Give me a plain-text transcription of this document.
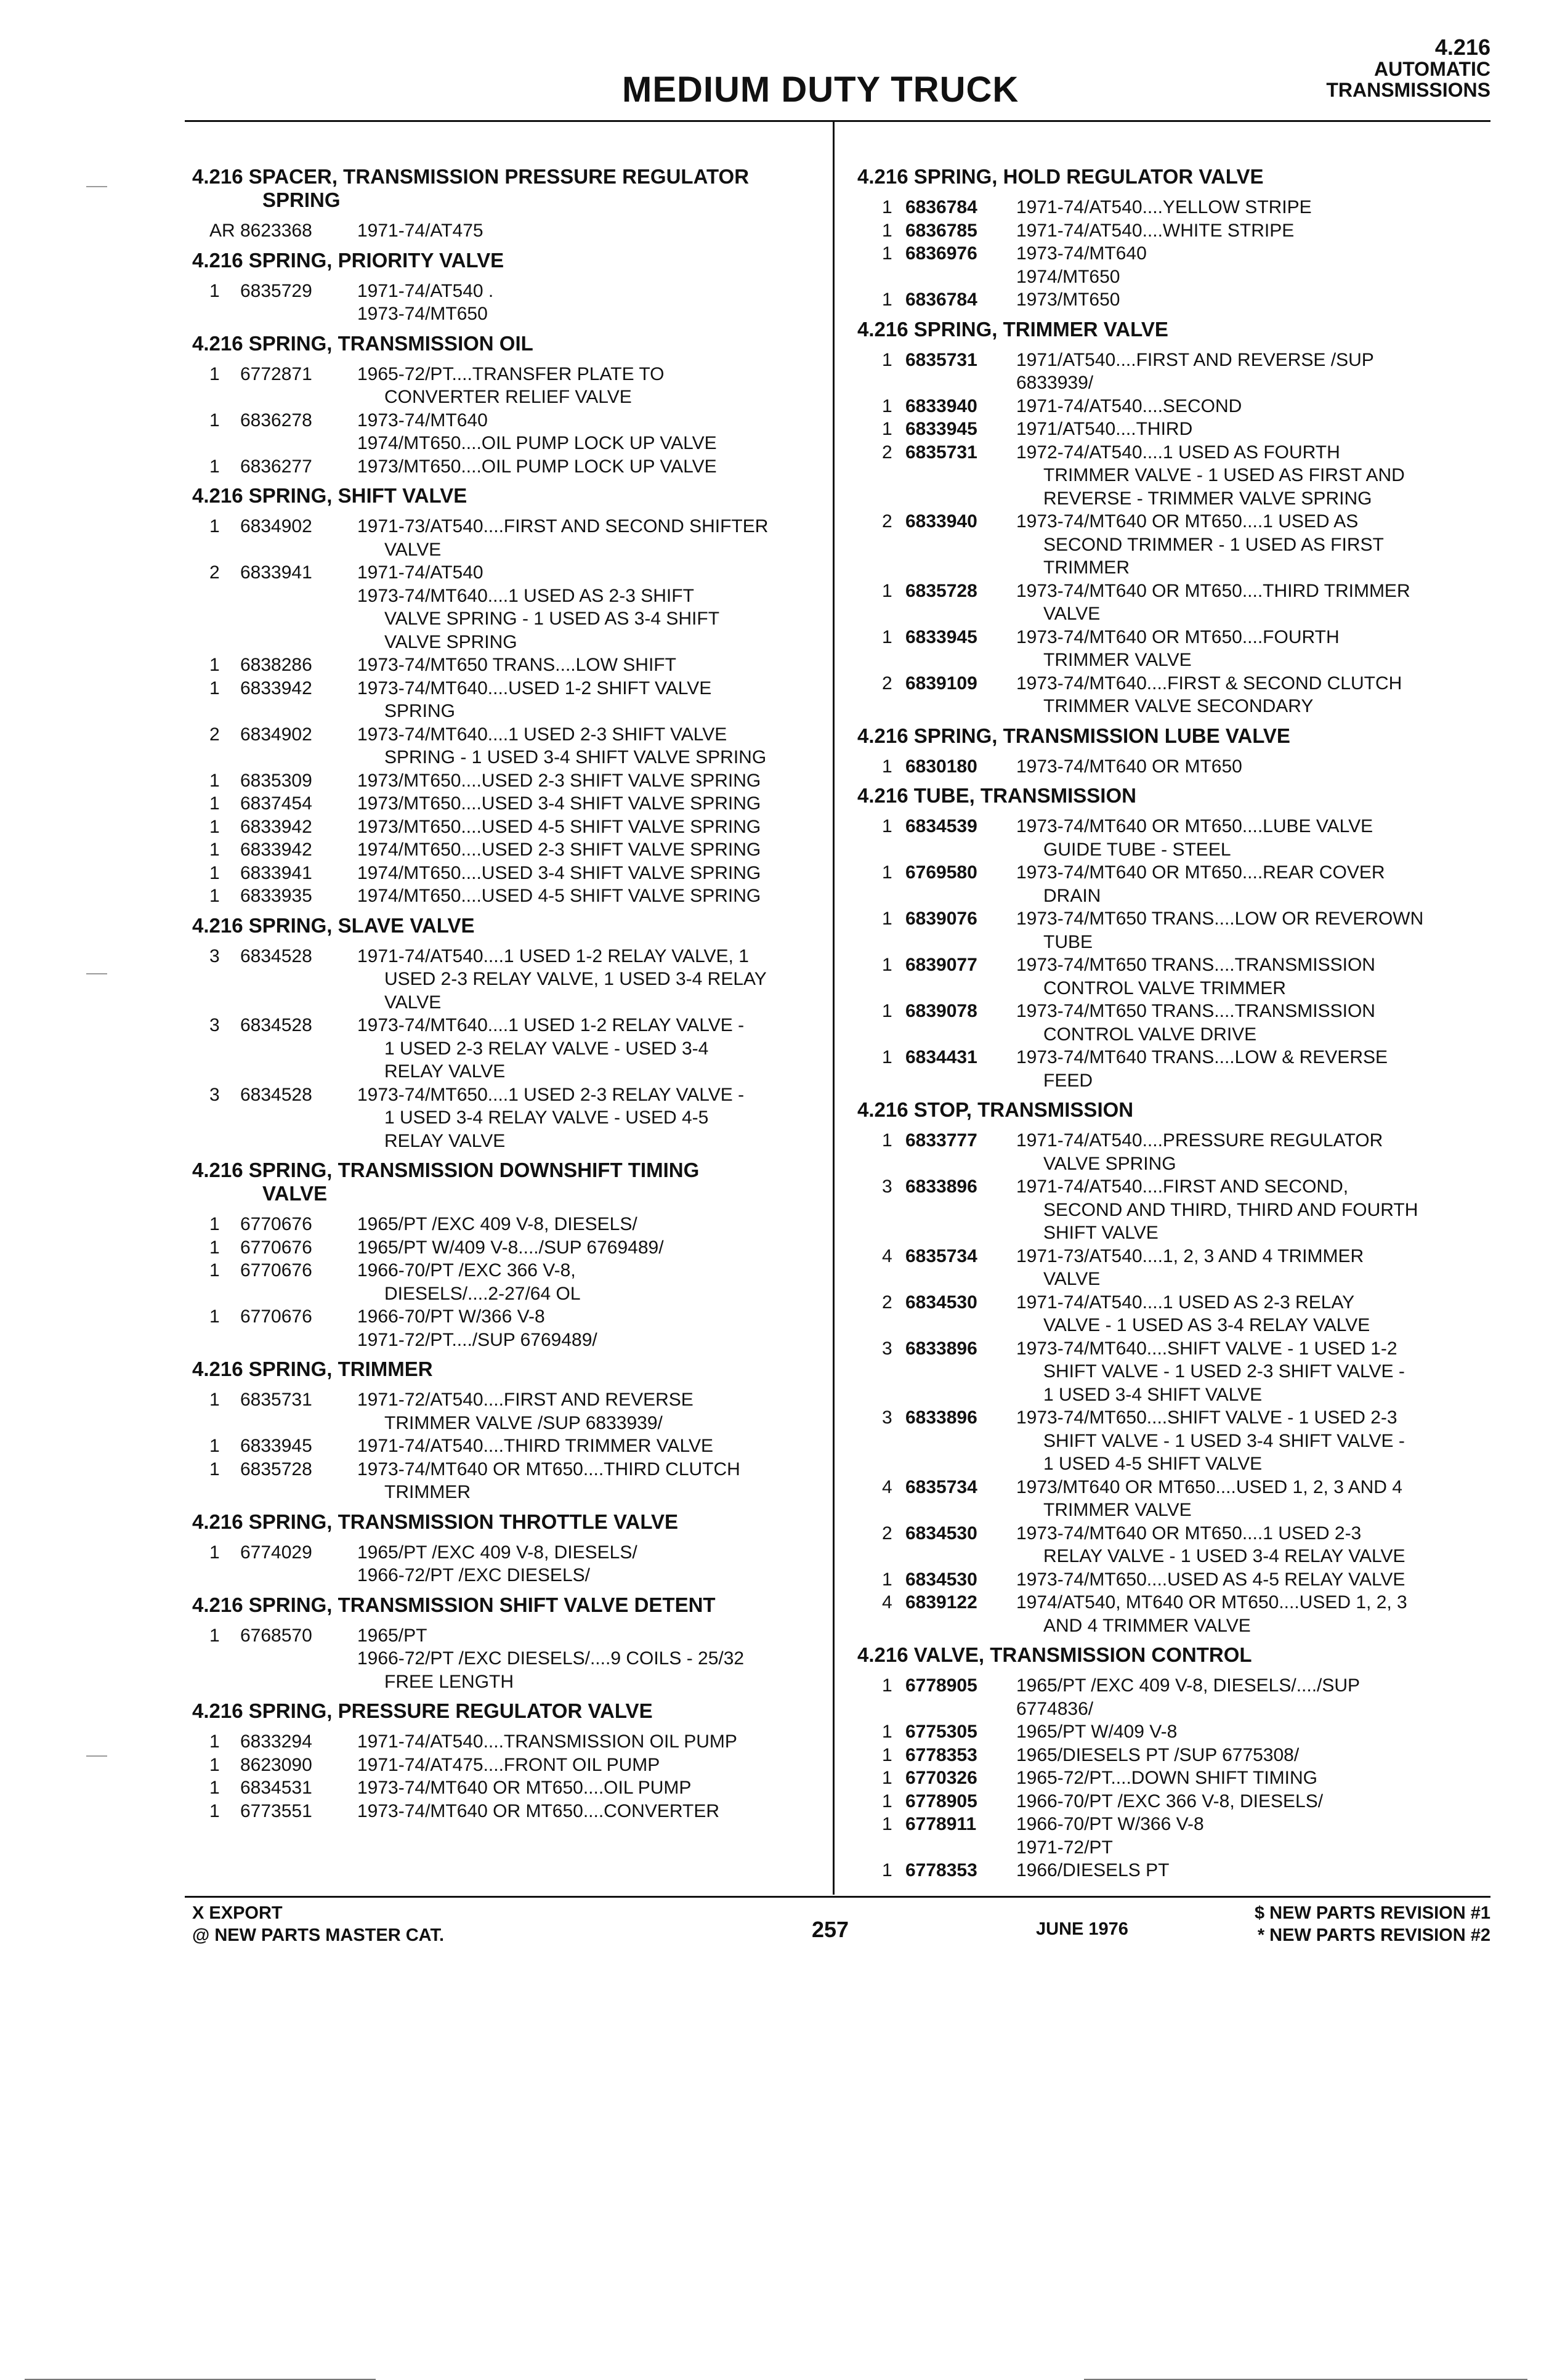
MEDIUM DUTY TRUCK
4.216
AUTOMATIC
TRANSMISSIONS
4.216 SPACER, TRANSMISSION PRESSURE REGULATOR
SPRING
AR 8623368	1971-74/AT475
4.216 SPRING, PRIORITY VALVE
1	6835729	1971-74/AT540 .
1973-74/MT650
4.216 SPRING, TRANSMISSION OIL
1	6772871	1965-72/PT....TRANSFER PLATE TO
CONVERTER RELIEF VALVE
1	6836278	1973-74/MT640
1974/MT650....OIL PUMP LOCK UP VALVE
1	6836277	1973/MT650....OIL PUMP LOCK UP VALVE
4.216 SPRING, SHIFT VALVE
1	6834902	1971-73/AT540....FIRST AND SECOND SHIFTER
VALVE
2	6833941	1971-74/AT540
1973-74/MT640....1 USED AS 2-3 SHIFT
VALVE SPRING - 1 USED AS 3-4 SHIFT
VALVE SPRING
1	6838286	1973-74/MT650 TRANS....LOW SHIFT
1	6833942	1973-74/MT640....USED 1-2 SHIFT VALVE
SPRING
2	6834902	1973-74/MT640....1 USED 2-3 SHIFT VALVE
SPRING - 1 USED 3-4 SHIFT VALVE SPRING
1	6835309	1973/MT650....USED 2-3 SHIFT VALVE SPRING
1	6837454	1973/MT650....USED 3-4 SHIFT VALVE SPRING
1	6833942	1973/MT650....USED 4-5 SHIFT VALVE SPRING
1	6833942	1974/MT650....USED 2-3 SHIFT VALVE SPRING
1	6833941	1974/MT650....USED 3-4 SHIFT VALVE SPRING
1	6833935	1974/MT650....USED 4-5 SHIFT VALVE SPRING
4.216 SPRING, SLAVE VALVE
3	6834528	1971-74/AT540....1 USED 1-2 RELAY VALVE, 1
USED 2-3 RELAY VALVE, 1 USED 3-4 RELAY
VALVE
3	6834528	1973-74/MT640....1 USED 1-2 RELAY VALVE -
1 USED 2-3 RELAY VALVE - USED 3-4
RELAY VALVE
3	6834528	1973-74/MT650....1 USED 2-3 RELAY VALVE -
1 USED 3-4 RELAY VALVE - USED 4-5
RELAY VALVE
4.216 SPRING, TRANSMISSION DOWNSHIFT TIMING
VALVE
1	6770676	1965/PT /EXC 409 V-8, DIESELS/
1	6770676	1965/PT W/409 V-8..../SUP 6769489/
1	6770676	1966-70/PT /EXC 366 V-8,
DIESELS/....2-27/64 OL
1	6770676	1966-70/PT W/366 V-8
1971-72/PT..../SUP 6769489/
4.216 SPRING, TRIMMER
1	6835731	1971-72/AT540....FIRST AND REVERSE
TRIMMER VALVE /SUP 6833939/
1	6833945	1971-74/AT540....THIRD TRIMMER VALVE
1	6835728	1973-74/MT640 OR MT650....THIRD CLUTCH
TRIMMER
4.216 SPRING, TRANSMISSION THROTTLE VALVE
1	6774029	1965/PT /EXC 409 V-8, DIESELS/
1966-72/PT /EXC DIESELS/
4.216 SPRING, TRANSMISSION SHIFT VALVE DETENT
1	6768570	1965/PT
1966-72/PT /EXC DIESELS/....9 COILS - 25/32
FREE LENGTH
4.216 SPRING, PRESSURE REGULATOR VALVE
1	6833294	1971-74/AT540....TRANSMISSION OIL PUMP
1	8623090	1971-74/AT475....FRONT OIL PUMP
1	6834531	1973-74/MT640 OR MT650....OIL PUMP
1	6773551	1973-74/MT640 OR MT650....CONVERTER
4.216 SPRING, HOLD REGULATOR VALVE
1 6836784	1971-74/AT540....YELLOW STRIPE
1 6836785	1971-74/AT540....WHITE STRIPE
1 6836976	1973-74/MT640
1974/MT650
1 6836784	1973/MT650
4.216 SPRING, TRIMMER VALVE
1 6835731	1971/AT540....FIRST AND REVERSE /SUP
6833939/
1 6833940	1971-74/AT540....SECOND
1 6833945	1971/AT540....THIRD
2 6835731	1972-74/AT540....1 USED AS FOURTH
TRIMMER VALVE - 1 USED AS FIRST AND
REVERSE - TRIMMER VALVE SPRING
2 6833940	1973-74/MT640 OR MT650....1 USED AS
SECOND TRIMMER - 1 USED AS FIRST
TRIMMER
1 6835728	1973-74/MT640 OR MT650....THIRD TRIMMER
VALVE
1 6833945	1973-74/MT640 OR MT650....FOURTH
TRIMMER VALVE
2 6839109	1973-74/MT640....FIRST & SECOND CLUTCH
TRIMMER VALVE SECONDARY
4.216 SPRING, TRANSMISSION LUBE VALVE
1 6830180	1973-74/MT640 OR MT650
4.216 TUBE, TRANSMISSION
1 6834539	1973-74/MT640 OR MT650....LUBE VALVE
GUIDE TUBE - STEEL
1 6769580	1973-74/MT640 OR MT650....REAR COVER
DRAIN
1 6839076	1973-74/MT650 TRANS....LOW OR REVEROWN
TUBE
1 6839077	1973-74/MT650 TRANS....TRANSMISSION
CONTROL VALVE TRIMMER
1 6839078	1973-74/MT650 TRANS....TRANSMISSION
CONTROL VALVE DRIVE
1 6834431	1973-74/MT640 TRANS....LOW & REVERSE
FEED
4.216 STOP, TRANSMISSION
1 6833777	1971-74/AT540....PRESSURE REGULATOR
VALVE SPRING
3 6833896	1971-74/AT540....FIRST AND SECOND,
SECOND AND THIRD, THIRD AND FOURTH
SHIFT VALVE
4 6835734	1971-73/AT540....1, 2, 3 AND 4 TRIMMER
VALVE
2 6834530	1971-74/AT540....1 USED AS 2-3 RELAY
VALVE - 1 USED AS 3-4 RELAY VALVE
3 6833896	1973-74/MT640....SHIFT VALVE - 1 USED 1-2
SHIFT VALVE - 1 USED 2-3 SHIFT VALVE -
1 USED 3-4 SHIFT VALVE
3 6833896	1973-74/MT650....SHIFT VALVE - 1 USED 2-3
SHIFT VALVE - 1 USED 3-4 SHIFT VALVE -
1 USED 4-5 SHIFT VALVE
4 6835734	1973/MT640 OR MT650....USED 1, 2, 3 AND 4
TRIMMER VALVE
2 6834530	1973-74/MT640 OR MT650....1 USED 2-3
RELAY VALVE - 1 USED 3-4 RELAY VALVE
1 6834530	1973-74/MT650....USED AS 4-5 RELAY VALVE
4 6839122	1974/AT540, MT640 OR MT650....USED 1, 2, 3
AND 4 TRIMMER VALVE
4.216 VALVE, TRANSMISSION CONTROL
1 6778905	1965/PT /EXC 409 V-8, DIESELS/..../SUP
6774836/
1 6775305	1965/PT W/409 V-8
1 6778353	1965/DIESELS PT /SUP 6775308/
1 6770326	1965-72/PT....DOWN SHIFT TIMING
1 6778905	1966-70/PT /EXC 366 V-8, DIESELS/
1 6778911	1966-70/PT W/366 V-8
1971-72/PT
1 6778353	1966/DIESELS PT
X EXPORT
@ NEW PARTS MASTER CAT.	257	JUNE 1976
$ NEW PARTS REVISION #1
* NEW PARTS REVISION #2
